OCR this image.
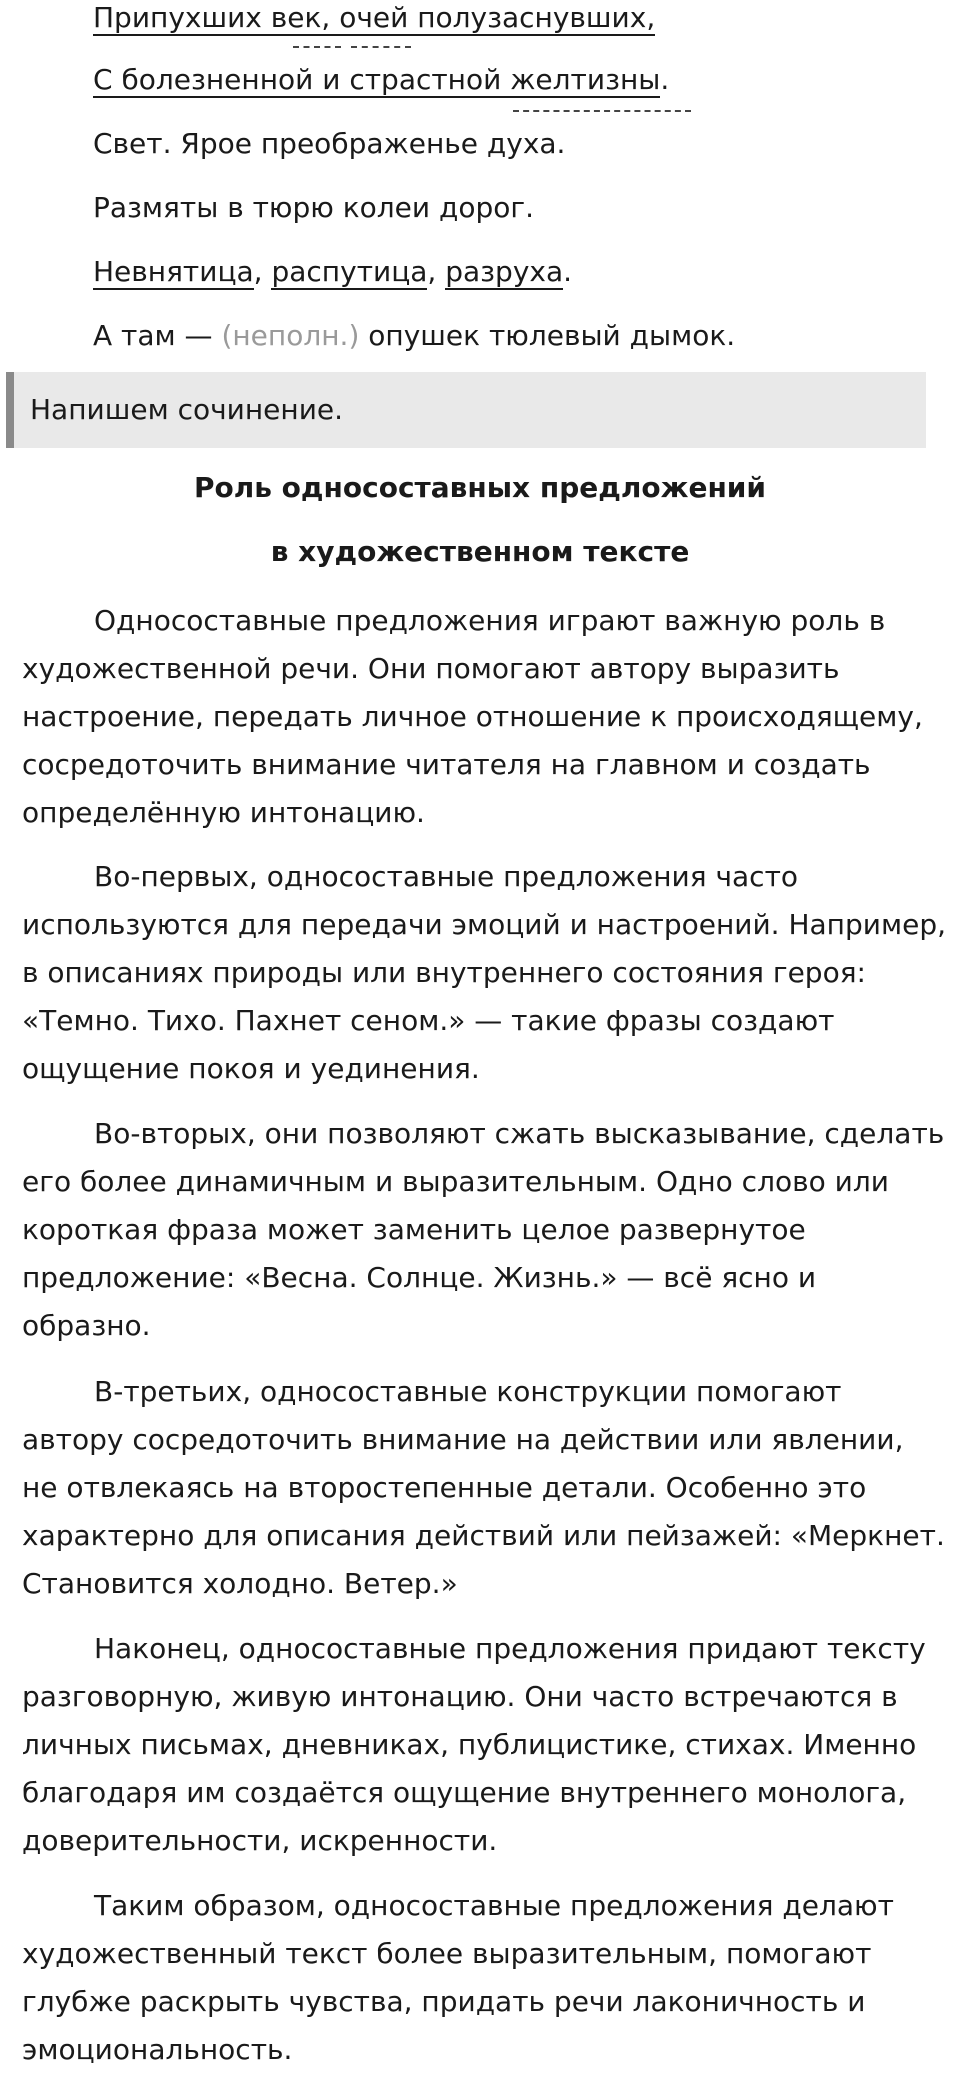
Припухших век, очей полузаснувших,
С болезненной и страстной желтизны.
Свет. Ярое преображенье духа.
Размяты в тюрю колеи дорог.
Невнятица, распутица, разруха.
А там — (неполн.) опушек тюлевый дымок.
Напишем сочинение.
Роль односоставных предложений
в художественном тексте

Односоставные предложения играют важную роль в художественной речи. Они помогают автору выразить настроение, передать личное отношение к происходящему, сосредоточить внимание читателя на главном и создать определённую интонацию.

Во-первых, односоставные предложения часто используются для передачи эмоций и настроений. Например, в описаниях природы или внутреннего состояния героя: «Темно. Тихо. Пахнет сеном.» — такие фразы создают ощущение покоя и уединения.

Во-вторых, они позволяют сжать высказывание, сделать его более динамичным и выразительным. Одно слово или короткая фраза может заменить целое развернутое предложение: «Весна. Солнце. Жизнь.» — всё ясно и образно.

В-третьих, односоставные конструкции помогают автору сосредоточить внимание на действии или явлении, не отвлекаясь на второстепенные детали. Особенно это характерно для описания действий или пейзажей: «Меркнет. Становится холодно. Ветер.»

Наконец, односоставные предложения придают тексту разговорную, живую интонацию. Они часто встречаются в личных письмах, дневниках, публицистике, стихах. Именно благодаря им создаётся ощущение внутреннего монолога, доверительности, искренности.

Таким образом, односоставные предложения делают художественный текст более выразительным, помогают глубже раскрыть чувства, придать речи лаконичность и эмоциональность.
